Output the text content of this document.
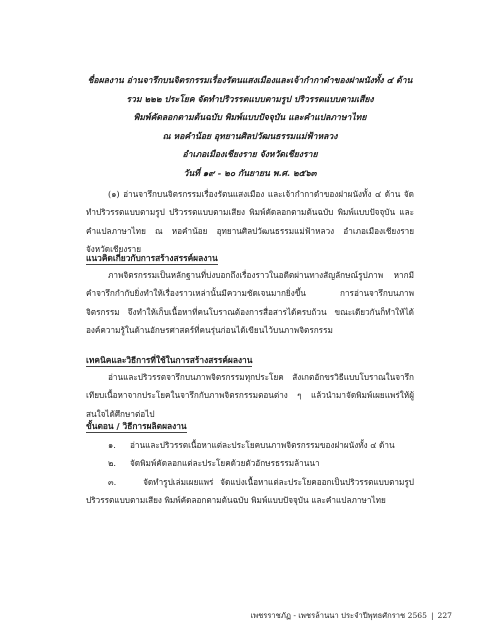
ชื่อผลงาน อ่านจารึกบนจิตรกรรมเรื่องรัตนแสงเมืองและเจ้ากำกาดำของฝาผนังทั้ง ๔ ด้าน
รวม ๒๒๒ ประโยค จัดทำปริวรรตแบบตามรูป ปริวรรตแบบตามเสียง
พิมพ์คัดลอกตามต้นฉบับ พิมพ์แบบปัจจุบัน และคำแปลภาษาไทย
ณ หอคำน้อย อุทยานศิลปวัฒนธรรมแม่ฟ้าหลวง
อำเภอเมืองเชียงราย จังหวัดเชียงราย
วันที่ ๑๙ - ๒๐ กันยายน พ.ศ. ๒๕๖๓
(๑) อ่านจารึกบนจิตรกรรมเรื่องรัตนแสงเมือง และเจ้ากำกาดำของฝาผนังทั้ง ๔ ด้าน จัดทำปริวรรตแบบตามรูป ปริวรรตแบบตามเสียง พิมพ์คัดลอกตามต้นฉบับ พิมพ์แบบปัจจุบัน และคำแปลภาษาไทย ณ หอคำน้อย อุทยานศิลปวัฒนธรรมแม่ฟ้าหลวง อำเภอเมืองเชียงราย จังหวัดเชียงราย
แนวคิดเกี่ยวกับการสร้างสรรค์ผลงาน
ภาพจิตรกรรมเป็นหลักฐานที่บ่งบอกถึงเรื่องราวในอดีตผ่านทางสัญลักษณ์รูปภาพ หากมีคำจารึกกำกับยิ่งทำให้เรื่องราวเหล่านั้นมีความชัดเจนมากยิ่งขึ้น การอ่านจารึกบนภาพจิตรกรรม จึงทำให้เก็บเนื้อหาที่คนโบราณต้องการสื่อสารได้ครบถ้วน ขณะเดียวกันก็ทำให้ได้องค์ความรู้ในด้านอักษรศาสตร์ที่คนรุ่นก่อนได้เขียนไว้บนภาพจิตรกรรม
เทคนิคและวิธีการที่ใช้ในการสร้างสรรค์ผลงาน
อ่านและปริวรรตจารึกบนภาพจิตรกรรมทุกประโยค สังเกตอักขรวิธีแบบโบราณในจารึก เทียบเนื้อหาจากประโยคในจารึกกับภาพจิตรกรรมตอนต่าง ๆ แล้วนำมาจัดพิมพ์เผยแพร่ให้ผู้สนใจได้ศึกษาต่อไป
ขั้นตอน / วิธีการผลิตผลงาน
๑.	อ่านและปริวรรตเนื้อหาแต่ละประโยคบนภาพจิตรกรรมของฝาผนังทั้ง ๔ ด้าน
๒.	จัดพิมพ์คัดลอกแต่ละประโยคด้วยตัวอักษรธรรมล้านนา
๓.	จัดทำรูปเล่มเผยแพร่ จัดแบ่งเนื้อหาแต่ละประโยคออกเป็นปริวรรตแบบตามรูป ปริวรรตแบบตามเสียง พิมพ์คัดลอกตามต้นฉบับ พิมพ์แบบปัจจุบัน และคำแปลภาษาไทย
เพชรราชภัฏ - เพชรล้านนา ประจำปีพุทธศักราช 2565 | 227
